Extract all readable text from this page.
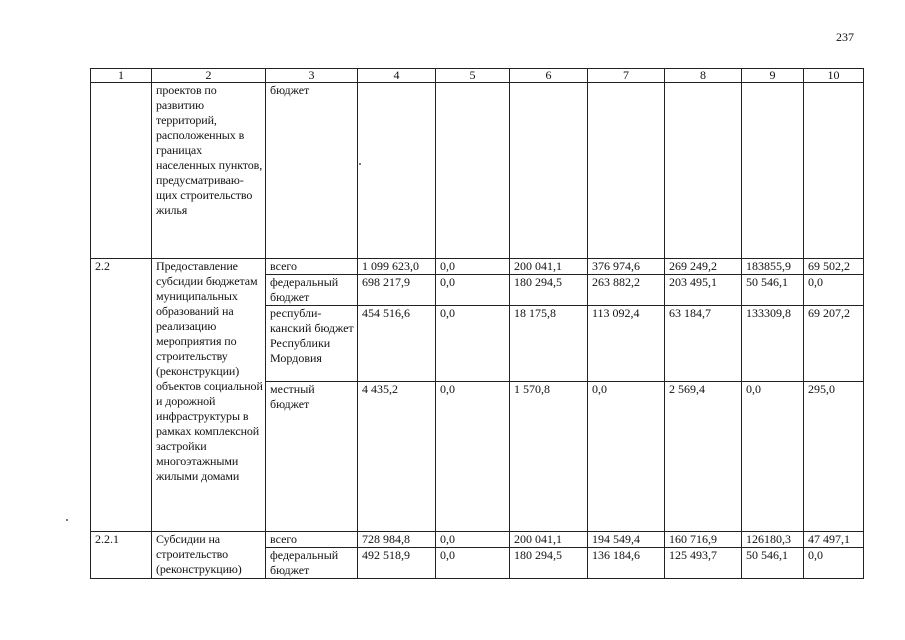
237
1	2	3	4	5	6	7	8	9	10
	проектов по развитию территорий, расположенных в границах населенных пунктов, предусматриваю-щих строительство жилья	бюджет							
2.2	Предоставление субсидии бюджетам муниципальных образований на реализацию мероприятия по строительству (реконструкции) объектов социальной и дорожной инфраструктуры в рамках комплексной застройки многоэтажными жилыми домами	всего	1 099 623,0	0,0	200 041,1	376 974,6	269 249,2	183855,9	69 502,2
		федеральный бюджет	698 217,9	0,0	180 294,5	263 882,2	203 495,1	50 546,1	0,0
		республи-канский бюджет Республики Мордовия	454 516,6	0,0	18 175,8	113 092,4	63 184,7	133309,8	69 207,2
		местный бюджет	4 435,2	0,0	1 570,8	0,0	2 569,4	0,0	295,0
2.2.1	Субсидии на строительство (реконструкцию)	всего	728 984,8	0,0	200 041,1	194 549,4	160 716,9	126180,3	47 497,1
		федеральный бюджет	492 518,9	0,0	180 294,5	136 184,6	125 493,7	50 546,1	0,0
